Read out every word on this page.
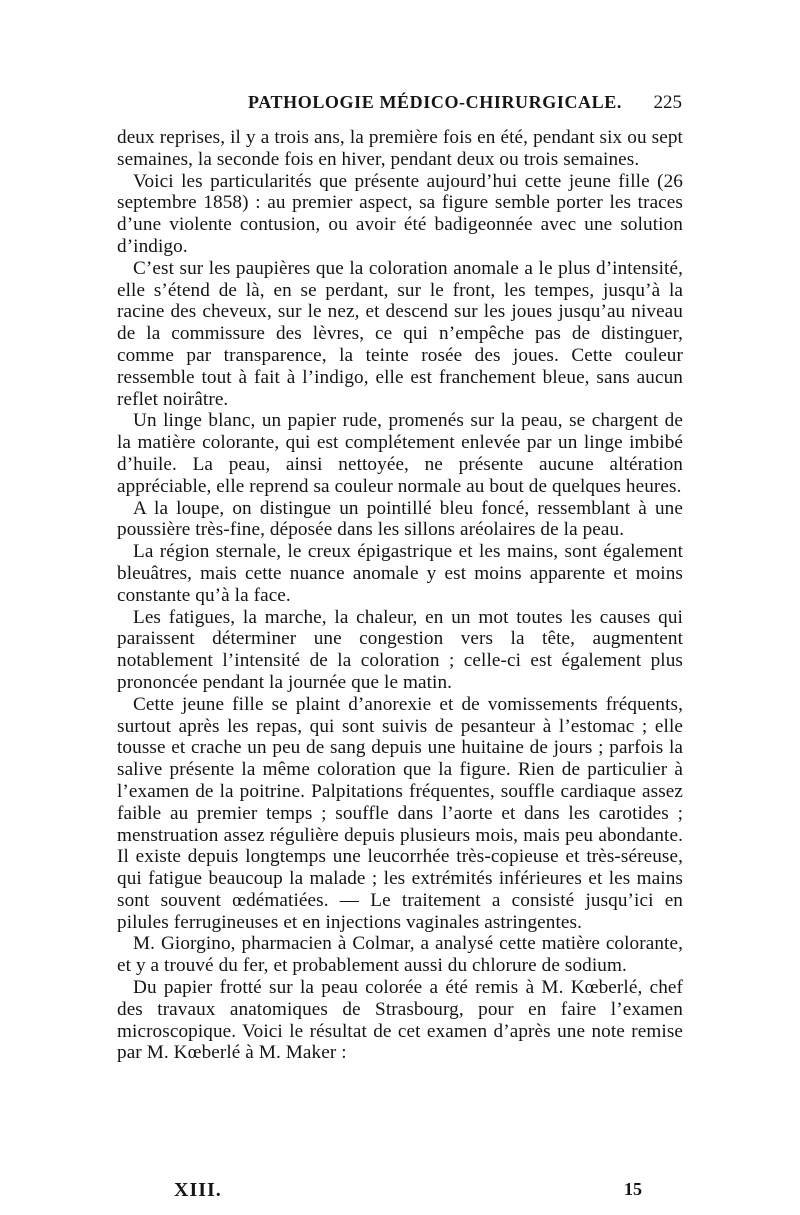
PATHOLOGIE MÉDICO-CHIRURGICALE. 225

deux reprises, il y a trois ans, la première fois en été, pendant six ou sept semaines, la seconde fois en hiver, pendant deux ou trois semaines.

Voici les particularités que présente aujourd’hui cette jeune fille (26 septembre 1858) : au premier aspect, sa figure semble porter les traces d’une violente contusion, ou avoir été badigeonnée avec une solution d’indigo.

C’est sur les paupières que la coloration anomale a le plus d’intensité, elle s’étend de là, en se perdant, sur le front, les tempes, jusqu’à la racine des cheveux, sur le nez, et descend sur les joues jusqu’au niveau de la commissure des lèvres, ce qui n’empêche pas de distinguer, comme par transparence, la teinte rosée des joues. Cette couleur ressemble tout à fait à l’indigo, elle est franchement bleue, sans aucun reflet noirâtre.

Un linge blanc, un papier rude, promenés sur la peau, se chargent de la matière colorante, qui est complétement enlevée par un linge imbibé d’huile. La peau, ainsi nettoyée, ne présente aucune altération appréciable, elle reprend sa couleur normale au bout de quelques heures.

A la loupe, on distingue un pointillé bleu foncé, ressemblant à une poussière très-fine, déposée dans les sillons aréolaires de la peau.

La région sternale, le creux épigastrique et les mains, sont également bleuâtres, mais cette nuance anomale y est moins apparente et moins constante qu’à la face.

Les fatigues, la marche, la chaleur, en un mot toutes les causes qui paraissent déterminer une congestion vers la tête, augmentent notablement l’intensité de la coloration ; celle-ci est également plus prononcée pendant la journée que le matin.

Cette jeune fille se plaint d’anorexie et de vomissements fréquents, surtout après les repas, qui sont suivis de pesanteur à l’estomac ; elle tousse et crache un peu de sang depuis une huitaine de jours ; parfois la salive présente la même coloration que la figure. Rien de particulier à l’examen de la poitrine. Palpitations fréquentes, souffle cardiaque assez faible au premier temps ; souffle dans l’aorte et dans les carotides ; menstruation assez régulière depuis plusieurs mois, mais peu abondante. Il existe depuis longtemps une leucorrhée très-copieuse et très-séreuse, qui fatigue beaucoup la malade ; les extrémités inférieures et les mains sont souvent œdématiées. — Le traitement a consisté jusqu’ici en pilules ferrugineuses et en injections vaginales astringentes.

M. Giorgino, pharmacien à Colmar, a analysé cette matière colorante, et y a trouvé du fer, et probablement aussi du chlorure de sodium.

Du papier frotté sur la peau colorée a été remis à M. Kœberlé, chef des travaux anatomiques de Strasbourg, pour en faire l’examen microscopique. Voici le résultat de cet examen d’après une note remise par M. Kœberlé à M. Maker :

XIII.	15
